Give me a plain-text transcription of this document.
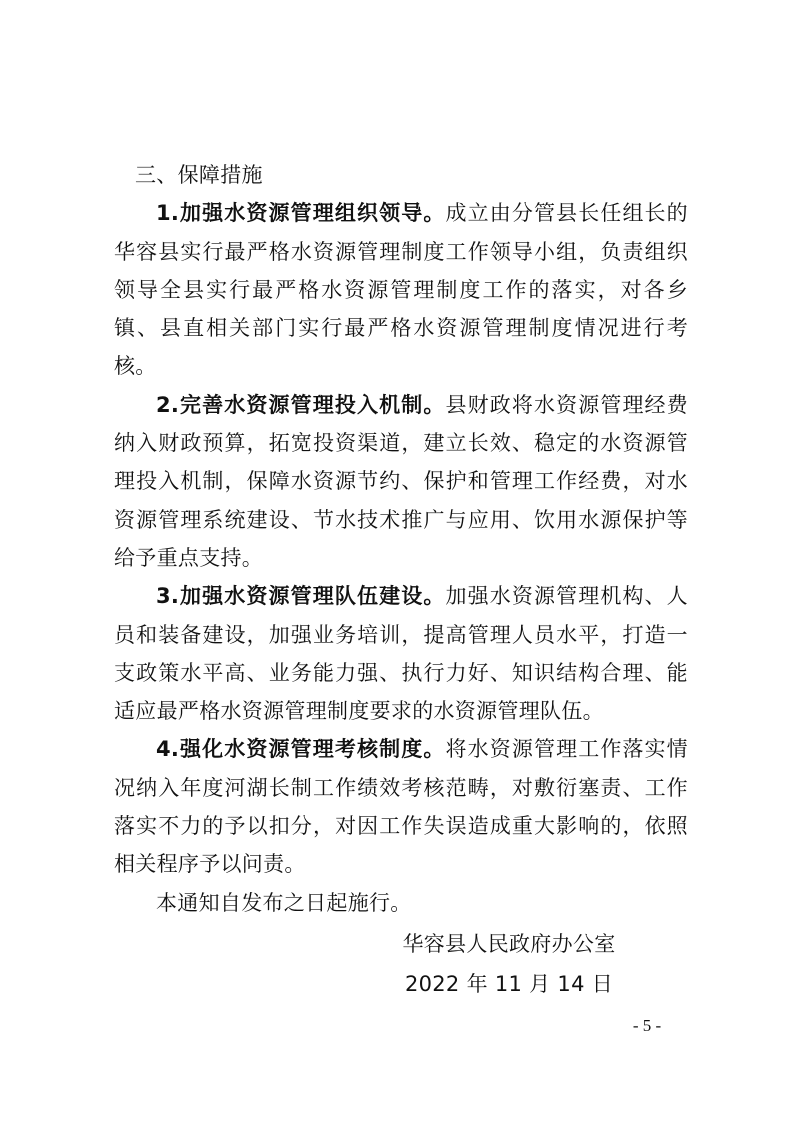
三、保障措施

1.加强水资源管理组织领导。成立由分管县长任组长的华容县实行最严格水资源管理制度工作领导小组，负责组织领导全县实行最严格水资源管理制度工作的落实，对各乡镇、县直相关部门实行最严格水资源管理制度情况进行考核。

2.完善水资源管理投入机制。县财政将水资源管理经费纳入财政预算，拓宽投资渠道，建立长效、稳定的水资源管理投入机制，保障水资源节约、保护和管理工作经费，对水资源管理系统建设、节水技术推广与应用、饮用水源保护等给予重点支持。

3.加强水资源管理队伍建设。加强水资源管理机构、人员和装备建设，加强业务培训，提高管理人员水平，打造一支政策水平高、业务能力强、执行力好、知识结构合理、能适应最严格水资源管理制度要求的水资源管理队伍。

4.强化水资源管理考核制度。将水资源管理工作落实情况纳入年度河湖长制工作绩效考核范畴，对敷衍塞责、工作落实不力的予以扣分，对因工作失误造成重大影响的，依照相关程序予以问责。

本通知自发布之日起施行。

华容县人民政府办公室
2022 年 11 月 14 日
- 5 -
